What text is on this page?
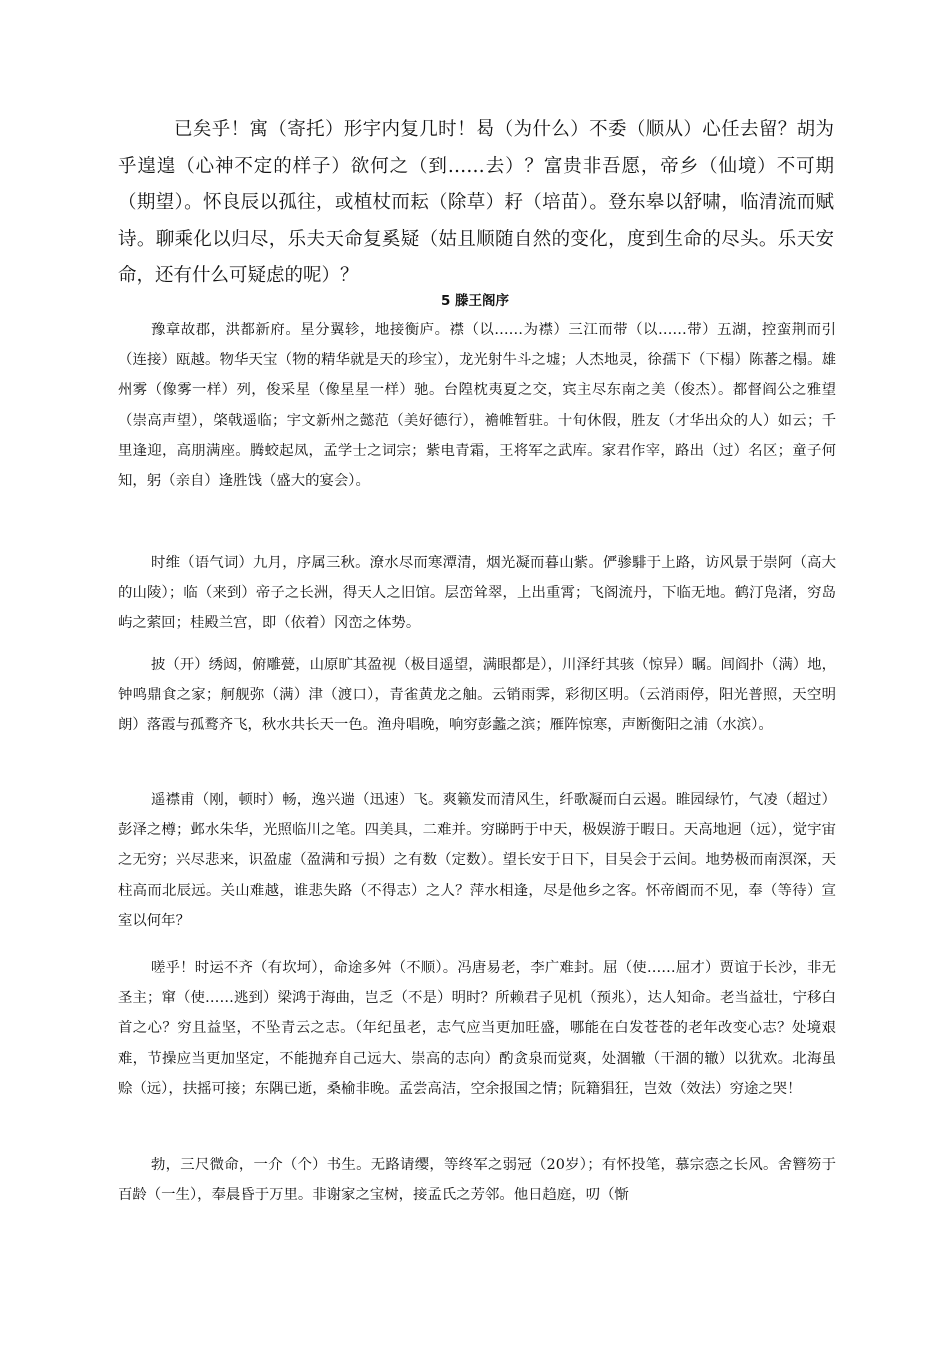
已矣乎！寓（寄托）形宇内复几时！曷（为什么）不委（顺从）心任去留？胡为乎遑遑（心神不定的样子）欲何之（到……去）？富贵非吾愿，帝乡（仙境）不可期（期望）。怀良辰以孤往，或植杖而耘（除草）耔（培苗）。登东皋以舒啸，临清流而赋诗。聊乘化以归尽，乐夫天命复奚疑（姑且顺随自然的变化，度到生命的尽头。乐天安命，还有什么可疑虑的呢）？

5 滕王阁序

豫章故郡，洪都新府。星分翼轸，地接衡庐。襟（以……为襟）三江而带（以……带）五湖，控蛮荆而引（连接）瓯越。物华天宝（物的精华就是天的珍宝），龙光射牛斗之墟；人杰地灵，徐孺下（下榻）陈蕃之榻。雄州雾（像雾一样）列，俊采星（像星星一样）驰。台隍枕夷夏之交，宾主尽东南之美（俊杰）。都督阎公之雅望（崇高声望），棨戟遥临；宇文新州之懿范（美好德行），襜帷暂驻。十旬休假，胜友（才华出众的人）如云；千里逢迎，高朋满座。腾蛟起凤，孟学士之词宗；紫电青霜，王将军之武库。家君作宰，路出（过）名区；童子何知，躬（亲自）逢胜饯（盛大的宴会）。

时维（语气词）九月，序属三秋。潦水尽而寒潭清，烟光凝而暮山紫。俨骖騑于上路，访风景于崇阿（高大的山陵）；临（来到）帝子之长洲，得天人之旧馆。层峦耸翠，上出重霄；飞阁流丹，下临无地。鹤汀凫渚，穷岛屿之萦回；桂殿兰宫，即（依着）冈峦之体势。

披（开）绣闼，俯雕甍，山原旷其盈视（极目遥望，满眼都是），川泽纡其骇（惊异）瞩。闾阎扑（满）地，钟鸣鼎食之家；舸舰弥（满）津（渡口），青雀黄龙之舳。云销雨霁，彩彻区明。（云消雨停，阳光普照，天空明朗）落霞与孤鹜齐飞，秋水共长天一色。渔舟唱晚，响穷彭蠡之滨；雁阵惊寒，声断衡阳之浦（水滨）。

遥襟甫（刚，顿时）畅，逸兴遄（迅速）飞。爽籁发而清风生，纤歌凝而白云遏。睢园绿竹，气凌（超过）彭泽之樽；邺水朱华，光照临川之笔。四美具，二难并。穷睇眄于中天，极娱游于暇日。天高地迥（远），觉宇宙之无穷；兴尽悲来，识盈虚（盈满和亏损）之有数（定数）。望长安于日下，目吴会于云间。地势极而南溟深，天柱高而北辰远。关山难越，谁悲失路（不得志）之人？萍水相逢，尽是他乡之客。怀帝阍而不见，奉（等待）宣室以何年？

嗟乎！时运不齐（有坎坷），命途多舛（不顺）。冯唐易老，李广难封。屈（使……屈才）贾谊于长沙，非无圣主；窜（使……逃到）梁鸿于海曲，岂乏（不是）明时？所赖君子见机（预兆），达人知命。老当益壮，宁移白首之心？穷且益坚，不坠青云之志。（年纪虽老，志气应当更加旺盛，哪能在白发苍苍的老年改变心志？处境艰难，节操应当更加坚定，不能抛弃自己远大、崇高的志向）酌贪泉而觉爽，处涸辙（干涸的辙）以犹欢。北海虽赊（远），扶摇可接；东隅已逝，桑榆非晚。孟尝高洁，空余报国之情；阮籍猖狂，岂效（效法）穷途之哭！

勃，三尺微命，一介（个）书生。无路请缨，等终军之弱冠（20岁）；有怀投笔，慕宗悫之长风。舍簪笏于百龄（一生），奉晨昏于万里。非谢家之宝树，接孟氏之芳邻。他日趋庭，叨（惭
